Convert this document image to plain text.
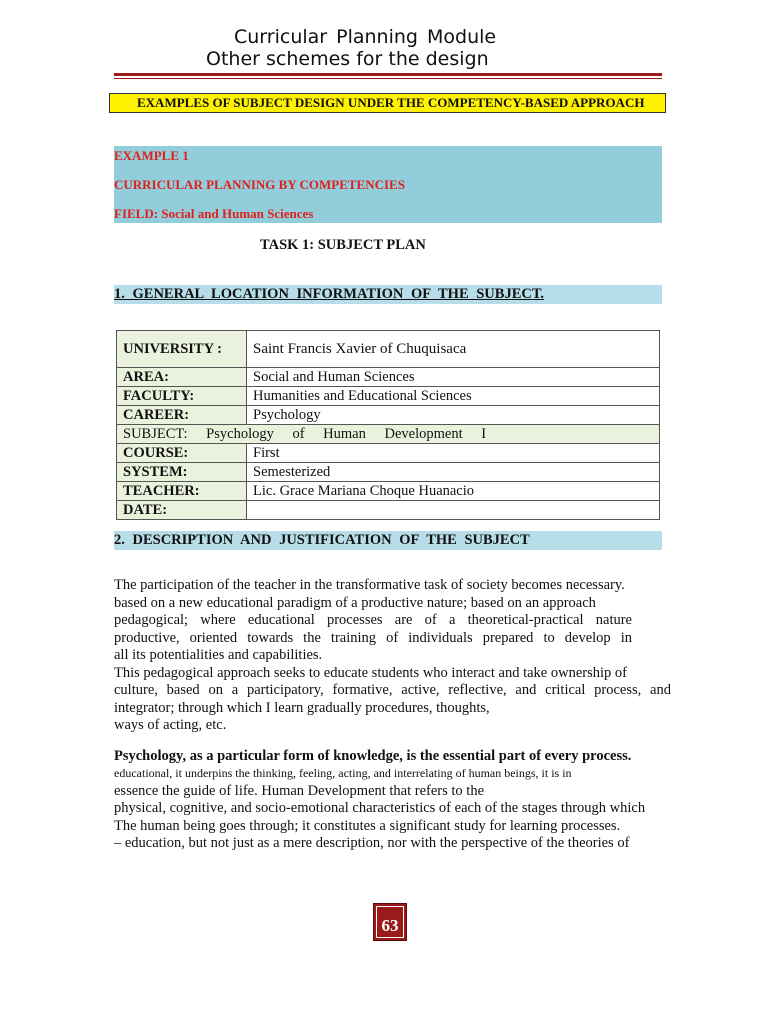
Curricular Planning Module
Other schemes for the design
EXAMPLES OF SUBJECT DESIGN UNDER THE COMPETENCY-BASED APPROACH
EXAMPLE 1
CURRICULAR PLANNING BY COMPETENCIES
FIELD: Social and Human Sciences
TASK 1: SUBJECT PLAN
1. GENERAL LOCATION INFORMATION OF THE SUBJECT.
UNIVERSITY :	Saint Francis Xavier of Chuquisaca
AREA:	Social and Human Sciences
FACULTY:	Humanities and Educational Sciences
CAREER:	Psychology
SUBJECT: Psychology of Human Development I	
COURSE:	First
SYSTEM:	Semesterized
TEACHER:	Lic. Grace Mariana Choque Huanacio
DATE:	
2. DESCRIPTION AND JUSTIFICATION OF THE SUBJECT
The participation of the teacher in the transformative task of society becomes necessary.
based on a new educational paradigm of a productive nature; based on an approach
pedagogical; where educational processes are of a theoretical-practical nature
productive, oriented towards the training of individuals prepared to develop in
all its potentialities and capabilities.
This pedagogical approach seeks to educate students who interact and take ownership of
culture, based on a participatory, formative, active, reflective, and critical process, and
integrator; through which I learn gradually procedures, thoughts,
ways of acting, etc.
Psychology, as a particular form of knowledge, is the essential part of every process.
educational, it underpins the thinking, feeling, acting, and interrelating of human beings, it is in
essence the guide of life. Human Development that refers to the
physical, cognitive, and socio-emotional characteristics of each of the stages through which
The human being goes through; it constitutes a significant study for learning processes.
– education, but not just as a mere description, nor with the perspective of the theories of
63
